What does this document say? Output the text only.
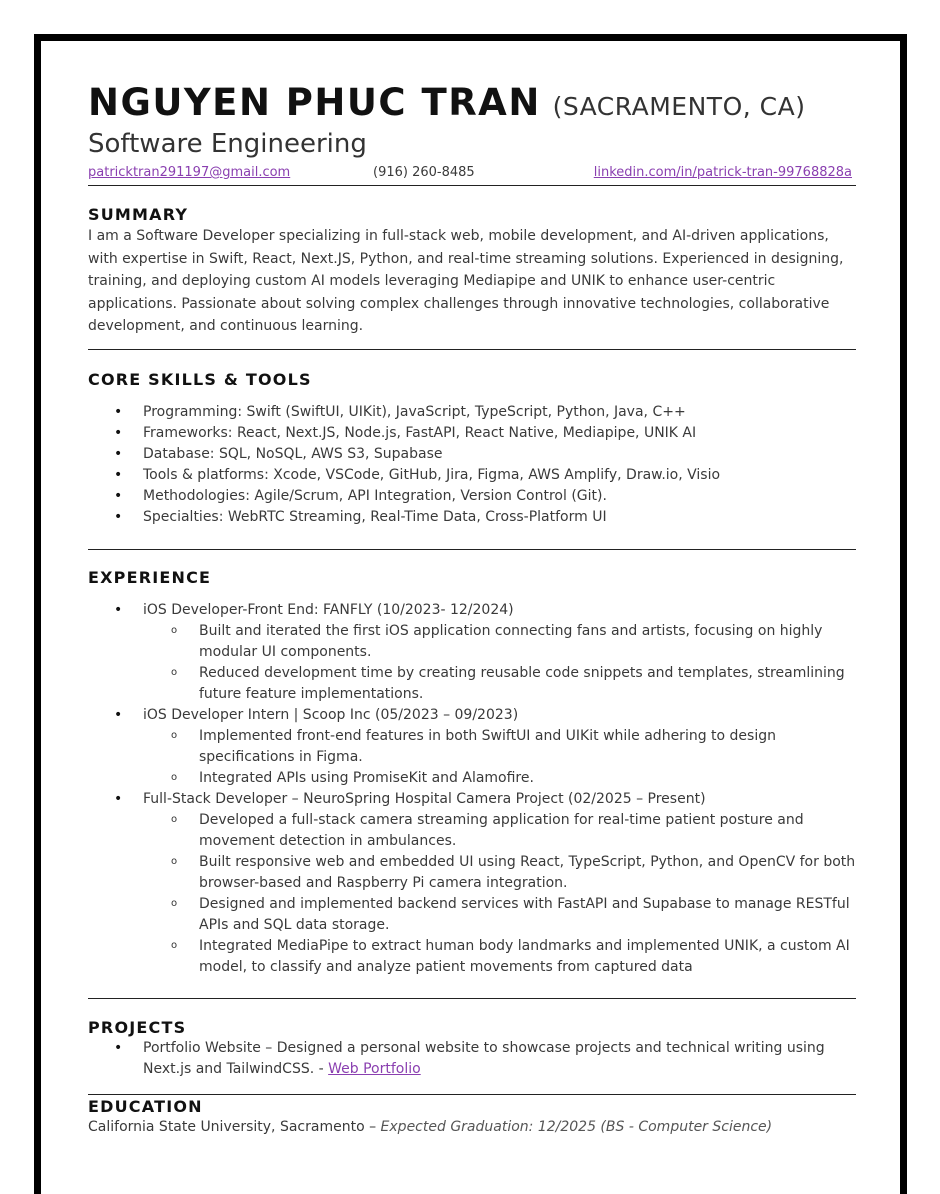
NGUYEN PHUC TRAN (SACRAMENTO, CA)
Software Engineering
patricktran291197@gmail.com	(916) 260-8485	linkedin.com/in/patrick-tran-99768828a
SUMMARY
I am a Software Developer specializing in full-stack web, mobile development, and AI-driven applications, with expertise in Swift, React, Next.JS, Python, and real-time streaming solutions. Experienced in designing, training, and deploying custom AI models leveraging Mediapipe and UNIK to enhance user-centric applications. Passionate about solving complex challenges through innovative technologies, collaborative development, and continuous learning.
CORE SKILLS & TOOLS
• Programming: Swift (SwiftUI, UIKit), JavaScript, TypeScript, Python, Java, C++
• Frameworks: React, Next.JS, Node.js, FastAPI, React Native, Mediapipe, UNIK AI
• Database: SQL, NoSQL, AWS S3, Supabase
• Tools & platforms: Xcode, VSCode, GitHub, Jira, Figma, AWS Amplify, Draw.io, Visio
• Methodologies: Agile/Scrum, API Integration, Version Control (Git).
• Specialties: WebRTC Streaming, Real-Time Data, Cross-Platform UI
EXPERIENCE
• iOS Developer-Front End: FANFLY (10/2023- 12/2024)
o Built and iterated the first iOS application connecting fans and artists, focusing on highly modular UI components.
o Reduced development time by creating reusable code snippets and templates, streamlining future feature implementations.
• iOS Developer Intern | Scoop Inc (05/2023 – 09/2023)
o Implemented front-end features in both SwiftUI and UIKit while adhering to design specifications in Figma.
o Integrated APIs using PromiseKit and Alamofire.
• Full-Stack Developer – NeuroSpring Hospital Camera Project (02/2025 – Present)
o Developed a full-stack camera streaming application for real-time patient posture and movement detection in ambulances.
o Built responsive web and embedded UI using React, TypeScript, Python, and OpenCV for both browser-based and Raspberry Pi camera integration.
o Designed and implemented backend services with FastAPI and Supabase to manage RESTful APIs and SQL data storage.
o Integrated MediaPipe to extract human body landmarks and implemented UNIK, a custom AI model, to classify and analyze patient movements from captured data
PROJECTS
• Portfolio Website – Designed a personal website to showcase projects and technical writing using Next.js and TailwindCSS. - Web Portfolio
EDUCATION
California State University, Sacramento – Expected Graduation: 12/2025 (BS - Computer Science)
